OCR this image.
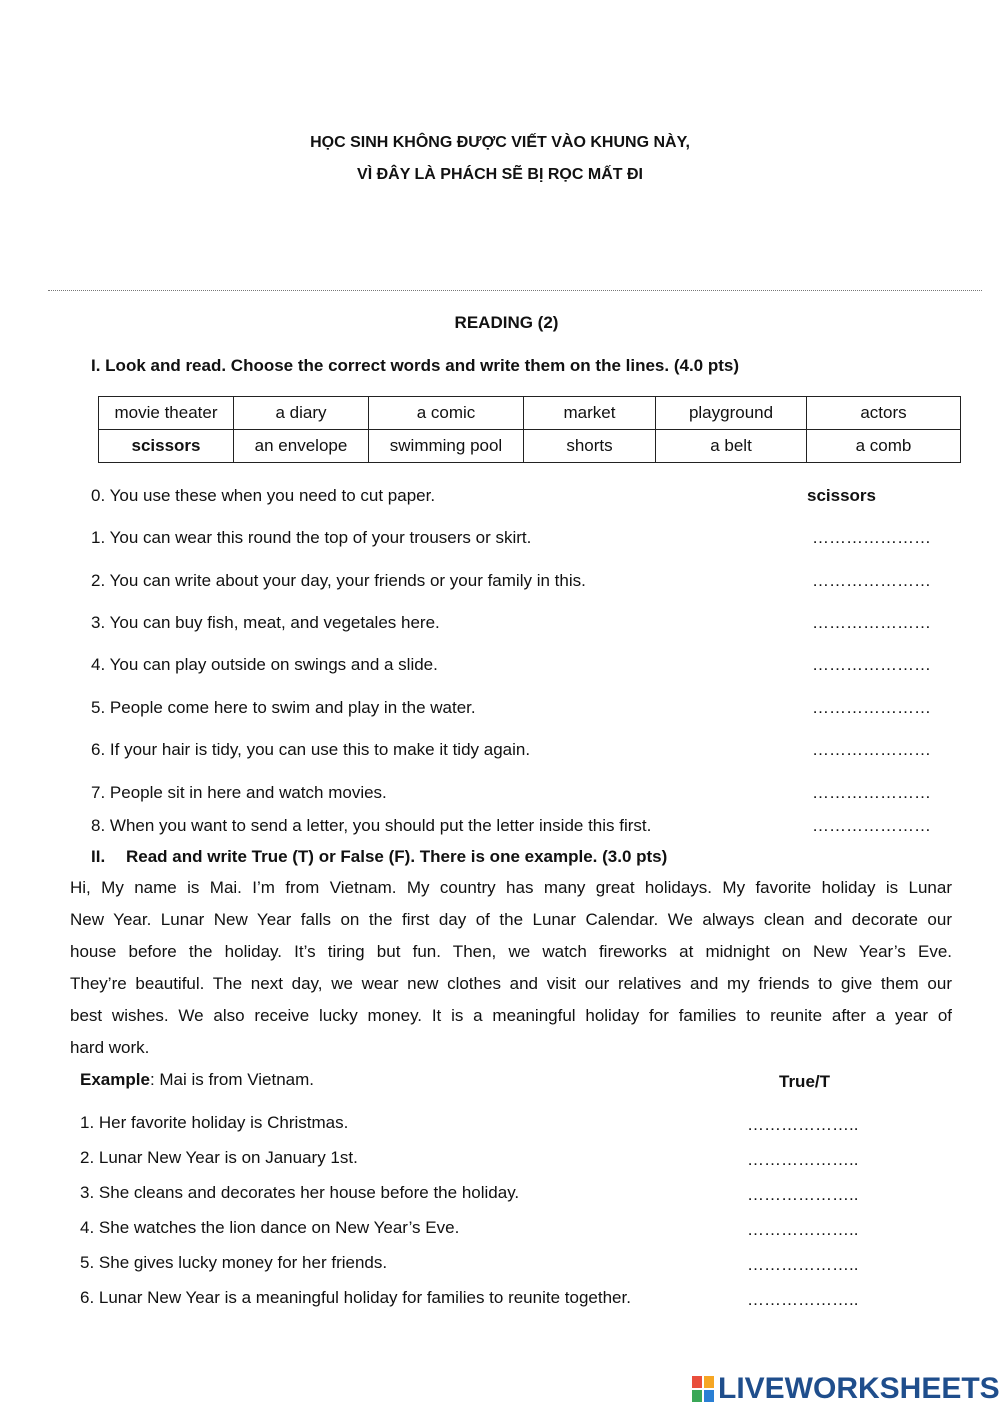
HỌC SINH KHÔNG ĐƯỢC VIẾT VÀO KHUNG NÀY,
VÌ ĐÂY LÀ PHÁCH SẼ BỊ RỌC MẤT ĐI
READING (2)
I. Look and read. Choose the correct words and write them on the lines. (4.0 pts)
movie theater	a diary	a comic	market	playground	actors
scissors	an envelope	swimming pool	shorts	a belt	a comb
0. You use these when you need to cut paper.	scissors
1. You can wear this round the top of your trousers or skirt.	…………………
2. You can write about your day, your friends or your family in this.	…………………
3. You can buy fish, meat, and vegetales here.	…………………
4. You can play outside on swings and a slide.	…………………
5. People come here to swim and play in the water.	…………………
6. If your hair is tidy, you can use this to make it tidy again.	…………………
7. People sit in here and watch movies.	…………………
8. When you want to send a letter, you should put the letter inside this first.	…………………
II. Read and write True (T) or False (F). There is one example. (3.0 pts)
Hi, My name is Mai. I’m from Vietnam. My country has many great holidays. My favorite holiday is Lunar
New Year. Lunar New Year falls on the first day of the Lunar Calendar. We always clean and decorate our
house before the holiday. It’s tiring but fun. Then, we watch fireworks at midnight on New Year’s Eve.
They’re beautiful. The next day, we wear new clothes and visit our relatives and my friends to give them our
best wishes. We also receive lucky money. It is a meaningful holiday for families to reunite after a year of
hard work.
Example: Mai is from Vietnam.	True/T
1. Her favorite holiday is Christmas.	………………..
2. Lunar New Year is on January 1st.	………………..
3. She cleans and decorates her house before the holiday.	………………..
4. She watches the lion dance on New Year’s Eve.	………………..
5. She gives lucky money for her friends.	………………..
6. Lunar New Year is a meaningful holiday for families to reunite together.	………………..
LIVEWORKSHEETS
